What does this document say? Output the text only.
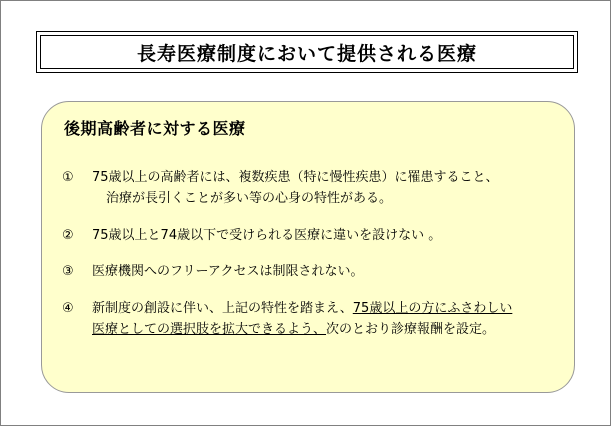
長寿医療制度において提供される医療
後期高齢者に対する医療
①	75歳以上の高齢者には、複数疾患（特に慢性疾患）に罹患すること、
治療が長引くことが多い等の心身の特性がある。
②	75歳以上と74歳以下で受けられる医療に違いを設けない 。
③	医療機関へのフリーアクセスは制限されない。
④	新制度の創設に伴い、上記の特性を踏まえ、75歳以上の方にふさわしい
医療としての選択肢を拡大できるよう、次のとおり診療報酬を設定。
